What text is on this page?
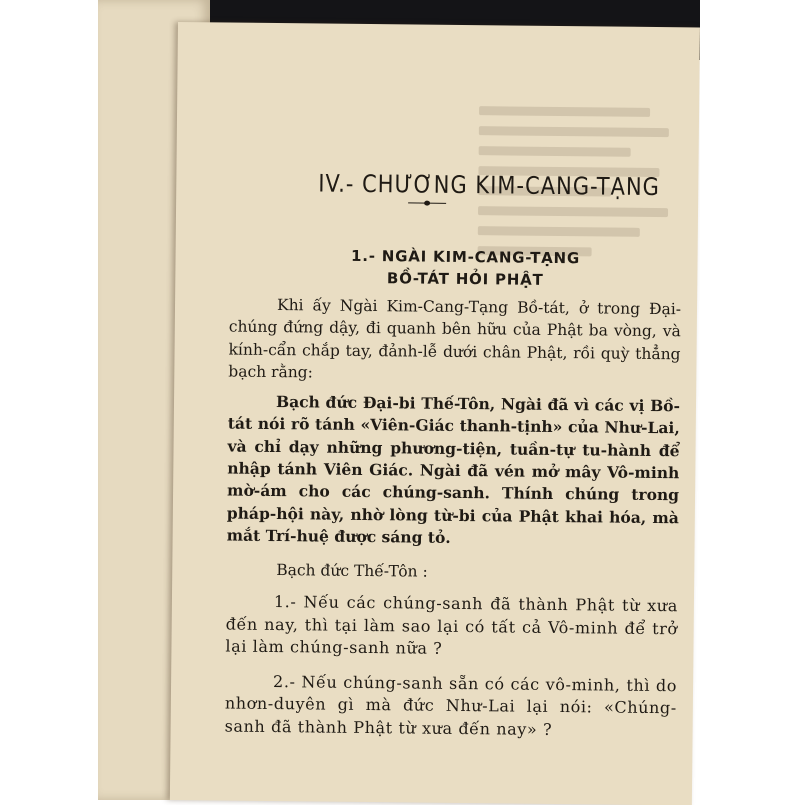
IV.- CHƯƠNG KIM-CANG-TẠNG
1.- NGÀI KIM-CANG-TẠNG
BỒ-TÁT HỎI PHẬT

Khi ấy Ngài Kim-Cang-Tạng Bồ-tát, ở trong Đại-chúng đứng dậy, đi quanh bên hữu của Phật ba vòng, và kính-cẩn chắp tay, đảnh-lễ dưới chân Phật, rồi quỳ thẳng bạch rằng:

Bạch đức Đại-bi Thế-Tôn, Ngài đã vì các vị Bồ-tát nói rõ tánh «Viên-Giác thanh-tịnh» của Như-Lai, và chỉ dạy những phương-tiện, tuần-tự tu-hành để nhập tánh Viên Giác. Ngài đã vén mở mây Vô-minh mờ-ám cho các chúng-sanh. Thính chúng trong pháp-hội này, nhờ lòng từ-bi của Phật khai hóa, mà mắt Trí-huệ được sáng tỏ.

Bạch đức Thế-Tôn :

1.- Nếu các chúng-sanh đã thành Phật từ xưa đến nay, thì tại làm sao lại có tất cả Vô-minh để trở lại làm chúng-sanh nữa ?

2.- Nếu chúng-sanh sẵn có các vô-minh, thì do nhơn-duyên gì mà đức Như-Lai lại nói: «Chúng-sanh đã thành Phật từ xưa đến nay» ?
